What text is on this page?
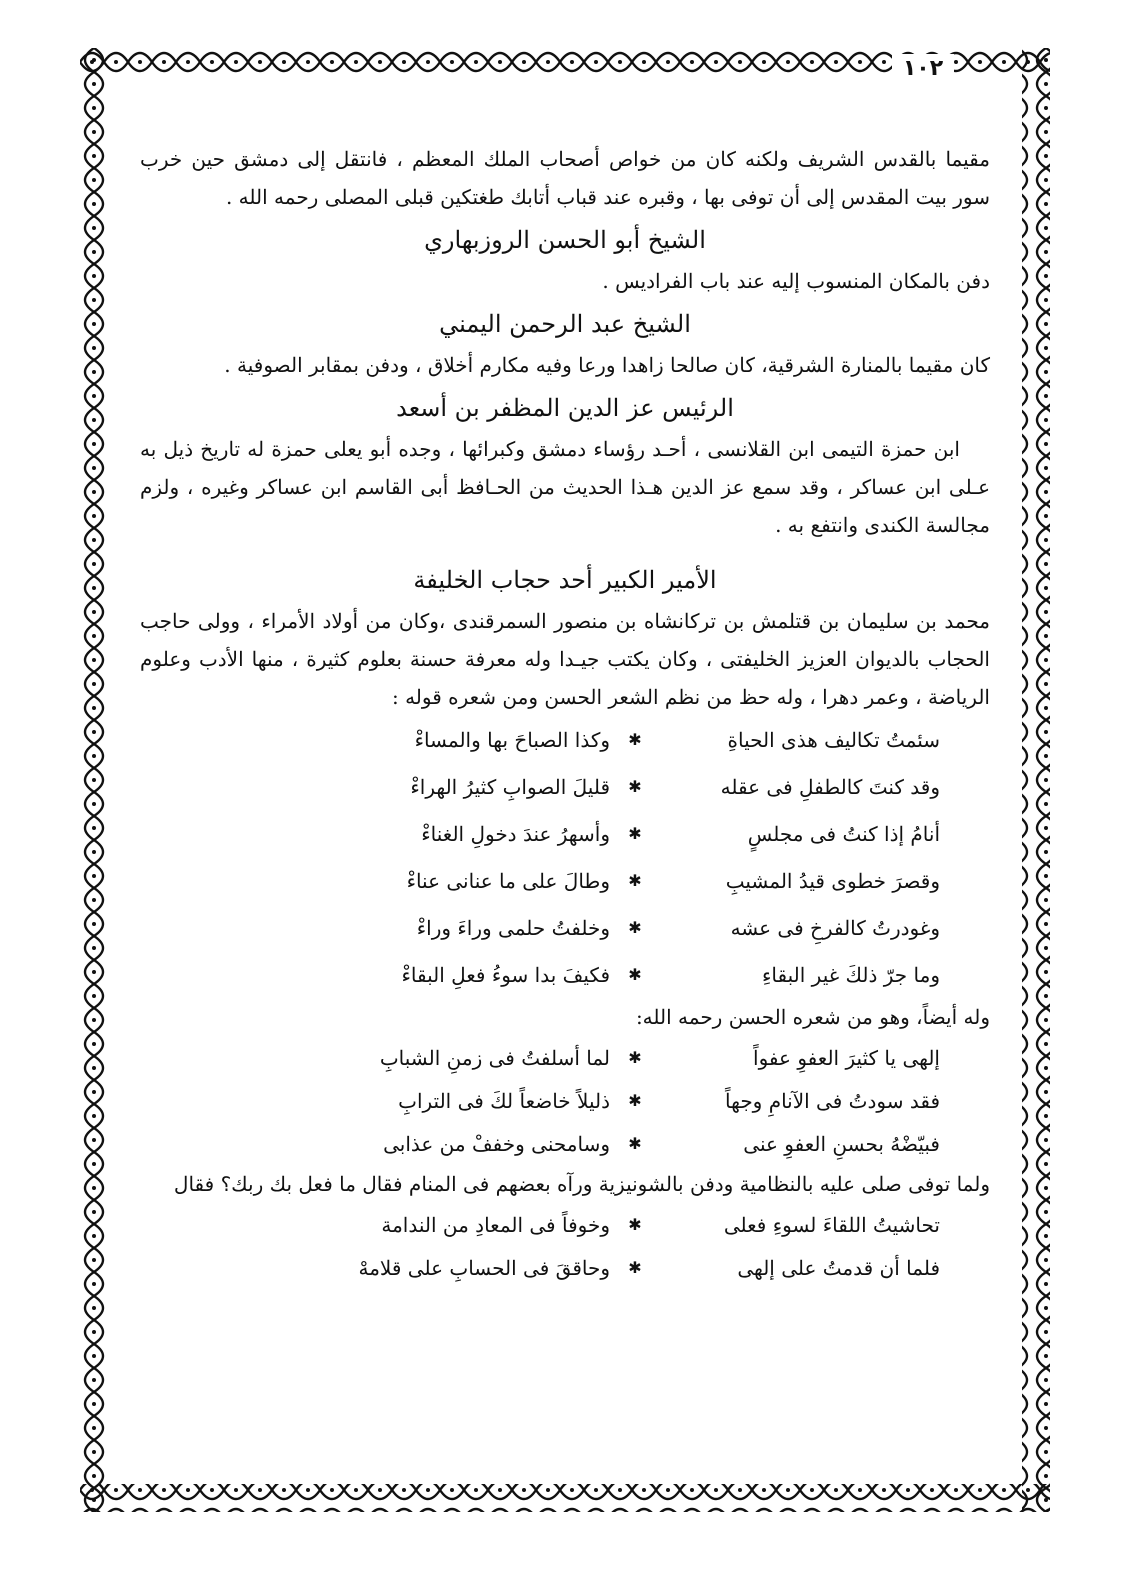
١٠٢

مقيما بالقدس الشريف ولكنه كان من خواص أصحاب الملك المعظم ، فانتقل إلى دمشق حين خرب سور بيت المقدس إلى أن توفى بها ، وقبره عند قباب أتابك طغتكين قبلى المصلى رحمه الله .

الشيخ أبو الحسن الروزبهاري

دفن بالمكان المنسوب إليه عند باب الفراديس .

الشيخ عبد الرحمن اليمني

كان مقيما بالمنارة الشرقية، كان صالحا زاهدا ورعا وفيه مكارم أخلاق ، ودفن بمقابر الصوفية .

الرئيس عز الدين المظفر بن أسعد

ابن حمزة التيمى ابن القلانسى ، أحـد رؤساء دمشق وكبرائها ، وجده أبو يعلى حمزة له تاريخ ذيل به عـلى ابن عساكر ، وقد سمع عز الدين هـذا الحديث من الحـافظ أبى القاسم ابن عساكر وغيره ، ولزم مجالسة الكندى وانتفع به .

الأمير الكبير أحد حجاب الخليفة

محمد بن سليمان بن قتلمش بن تركانشاه بن منصور السمرقندى ،وكان من أولاد الأمراء ، وولى حاجب الحجاب بالديوان العزيز الخليفتى ، وكان يكتب جيـدا وله معرفة حسنة بعلوم كثيرة ، منها الأدب وعلوم الرياضة ، وعمر دهرا ، وله حظ من نظم الشعر الحسن ومن شعره قوله :

سئمتُ تكاليف هذى الحياةِ
✱
وكذا الصباحَ بها والمساءْ
وقد كنتَ كالطفلِ فى عقله
✱
قليلَ الصوابِ كثيرُ الهراءْ
أنامُ إذا كنتُ فى مجلسٍ
✱
وأسهرُ عندَ دخولِ الغناءْ
وقصرَ خطوى قيدُ المشيبِ
✱
وطالَ على ما عنانى عناءْ
وغودرتُ كالفرخِ فى عشه
✱
وخلفتُ حلمى وراءَ وراءْ
وما جرّ ذلكَ غير البقاءِ
✱
فكيفَ بدا سوءُ فعلِ البقاءْ

وله أيضاً، وهو من شعره الحسن رحمه الله:

إلهى يا كثيرَ العفوِ عفواً
✱
لما أسلفتُ فى زمنِ الشبابِ
فقد سودتُ فى الآنامِ وجهاً
✱
ذليلاً خاضعاً لكَ فى الترابِ
فبيّضْهُ بحسنِ العفوِ عنى
✱
وسامحنى وخففْ من عذابى

ولما توفى صلى عليه بالنظامية ودفن بالشونيزية ورآه بعضهم فى المنام فقال ما فعل بك ربك؟ فقال

تحاشيتُ اللقاءَ لسوءِ فعلى
✱
وخوفاً فى المعادِ من الندامة
فلما أن قدمتُ على إلهى
✱
وحاققَ فى الحسابِ على قلامهْ
